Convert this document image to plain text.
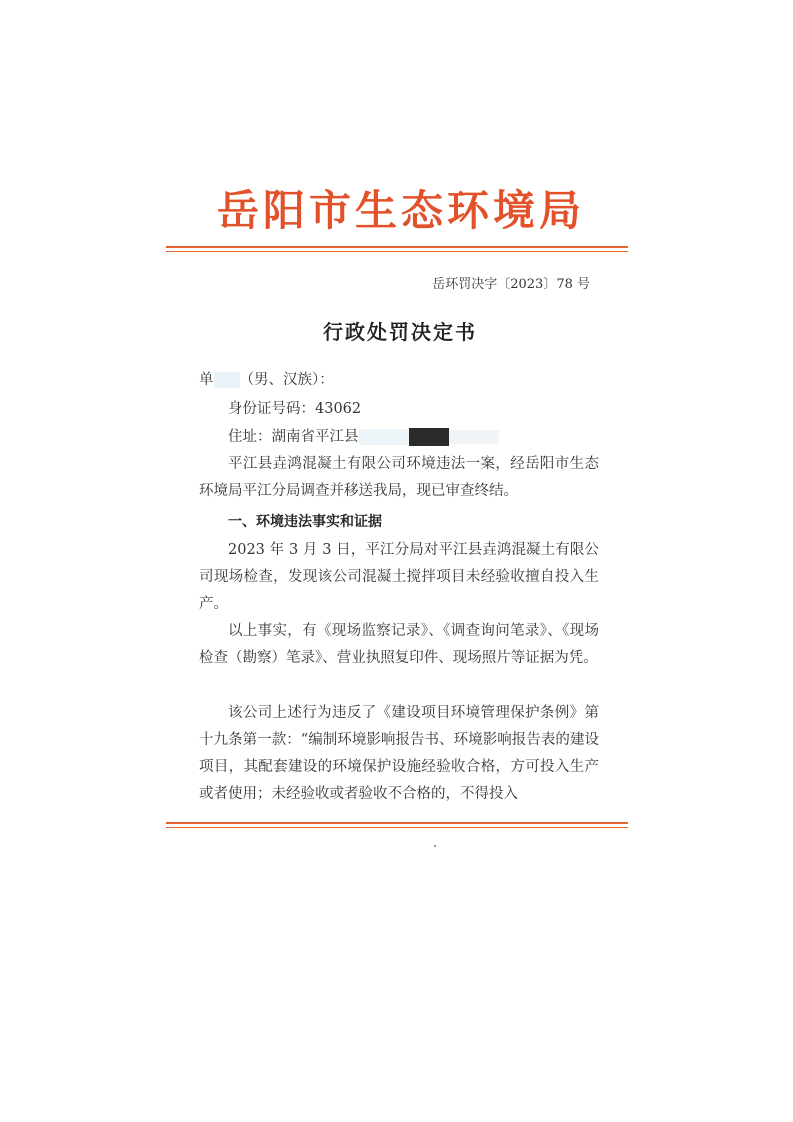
岳阳市生态环境局
岳环罚决字〔2023〕78 号
行政处罚决定书
单 （男、汉族）：
身份证号码：43062
住址：湖南省平江县
平江县垚鸿混凝土有限公司环境违法一案，经岳阳市生态环境局平江分局调查并移送我局，现已审查终结。
一、环境违法事实和证据
2023 年 3 月 3 日，平江分局对平江县垚鸿混凝土有限公司现场检查，发现该公司混凝土搅拌项目未经验收擅自投入生产。
以上事实，有《现场监察记录》、《调查询问笔录》、《现场检查（勘察）笔录》、营业执照复印件、现场照片等证据为凭。
该公司上述行为违反了《建设项目环境管理保护条例》第十九条第一款：“编制环境影响报告书、环境影响报告表的建设项目，其配套建设的环境保护设施经验收合格，方可投入生产或者使用；未经验收或者验收不合格的，不得投入
